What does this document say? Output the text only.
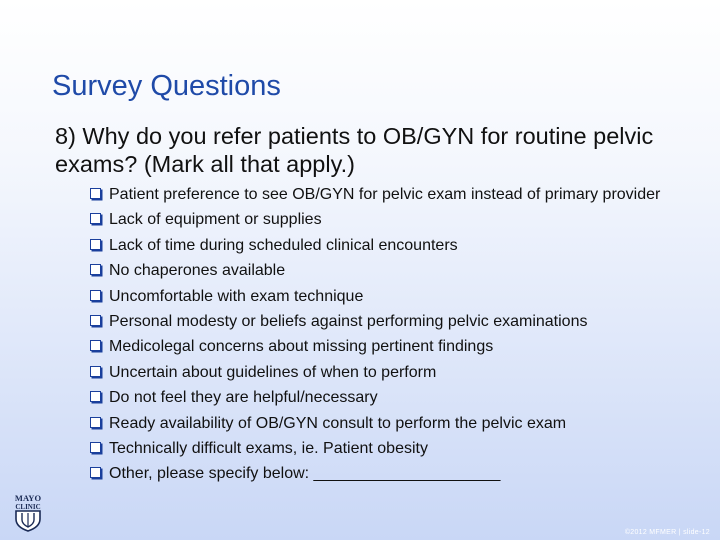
Survey Questions

8) Why do you refer patients to OB/GYN for routine pelvic exams? (Mark all that apply.)

Patient preference to see OB/GYN for pelvic exam instead of primary provider
Lack of equipment or supplies
Lack of time during scheduled clinical encounters
No chaperones available
Uncomfortable with exam technique
Personal modesty or beliefs against performing pelvic examinations
Medicolegal concerns about missing pertinent findings
Uncertain about guidelines of when to perform
Do not feel they are helpful/necessary
Ready availability of OB/GYN consult to perform the pelvic exam
Technically difficult exams, ie. Patient obesity
Other, please specify below: _____________________
MAYO
CLINIC
©2012 MFMER | slide-12
